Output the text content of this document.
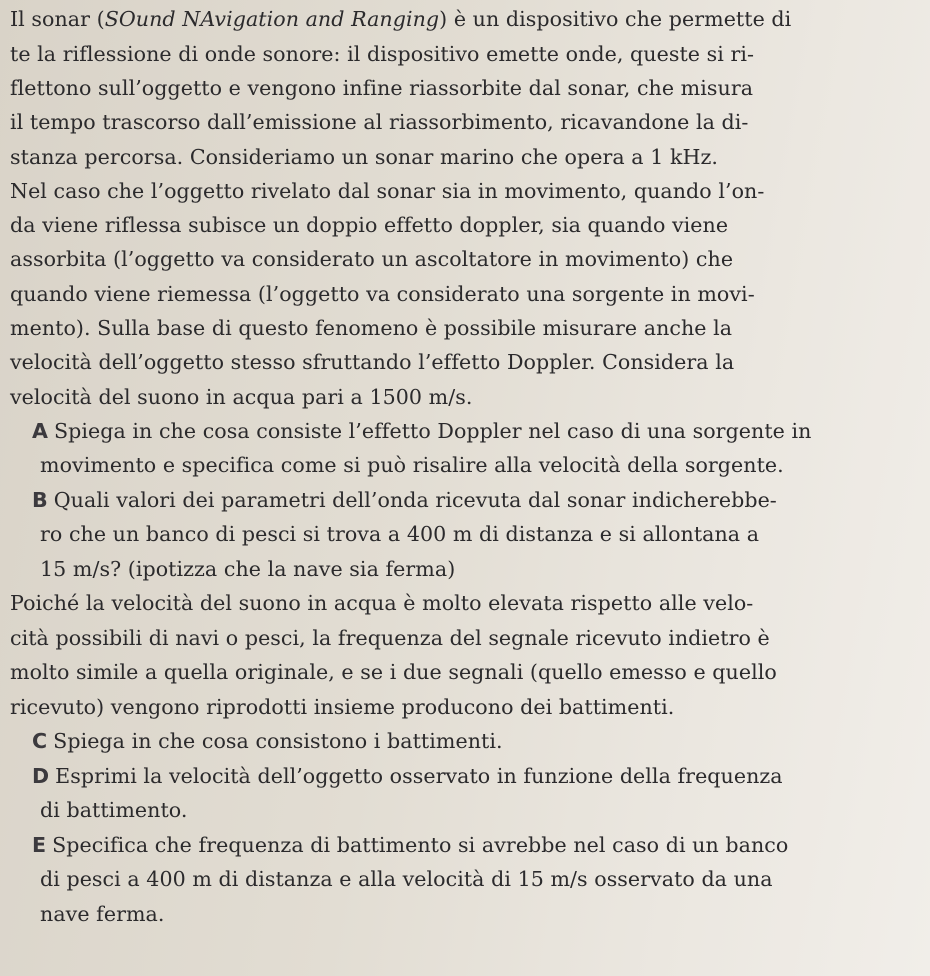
Il sonar (SOund NAvigation and Ranging) è un dispositivo che permette di
te la riflessione di onde sonore: il dispositivo emette onde, queste si ri-
flettono sull’oggetto e vengono infine riassorbite dal sonar, che misura
il tempo trascorso dall’emissione al riassorbimento, ricavandone la di-
stanza percorsa. Consideriamo un sonar marino che opera a 1 kHz.
Nel caso che l’oggetto rivelato dal sonar sia in movimento, quando l’on-
da viene riflessa subisce un doppio effetto doppler, sia quando viene
assorbita (l’oggetto va considerato un ascoltatore in movimento) che
quando viene riemessa (l’oggetto va considerato una sorgente in movi-
mento). Sulla base di questo fenomeno è possibile misurare anche la
velocità dell’oggetto stesso sfruttando l’effetto Doppler. Considera la
velocità del suono in acqua pari a 1500 m/s.
A Spiega in che cosa consiste l’effetto Doppler nel caso di una sorgente in
movimento e specifica come si può risalire alla velocità della sorgente.
B Quali valori dei parametri dell’onda ricevuta dal sonar indicherebbe-
ro che un banco di pesci si trova a 400 m di distanza e si allontana a
15 m/s? (ipotizza che la nave sia ferma)
Poiché la velocità del suono in acqua è molto elevata rispetto alle velo-
cità possibili di navi o pesci, la frequenza del segnale ricevuto indietro è
molto simile a quella originale, e se i due segnali (quello emesso e quello
ricevuto) vengono riprodotti insieme producono dei battimenti.
C Spiega in che cosa consistono i battimenti.
D Esprimi la velocità dell’oggetto osservato in funzione della frequenza
di battimento.
E Specifica che frequenza di battimento si avrebbe nel caso di un banco
di pesci a 400 m di distanza e alla velocità di 15 m/s osservato da una
nave ferma.
